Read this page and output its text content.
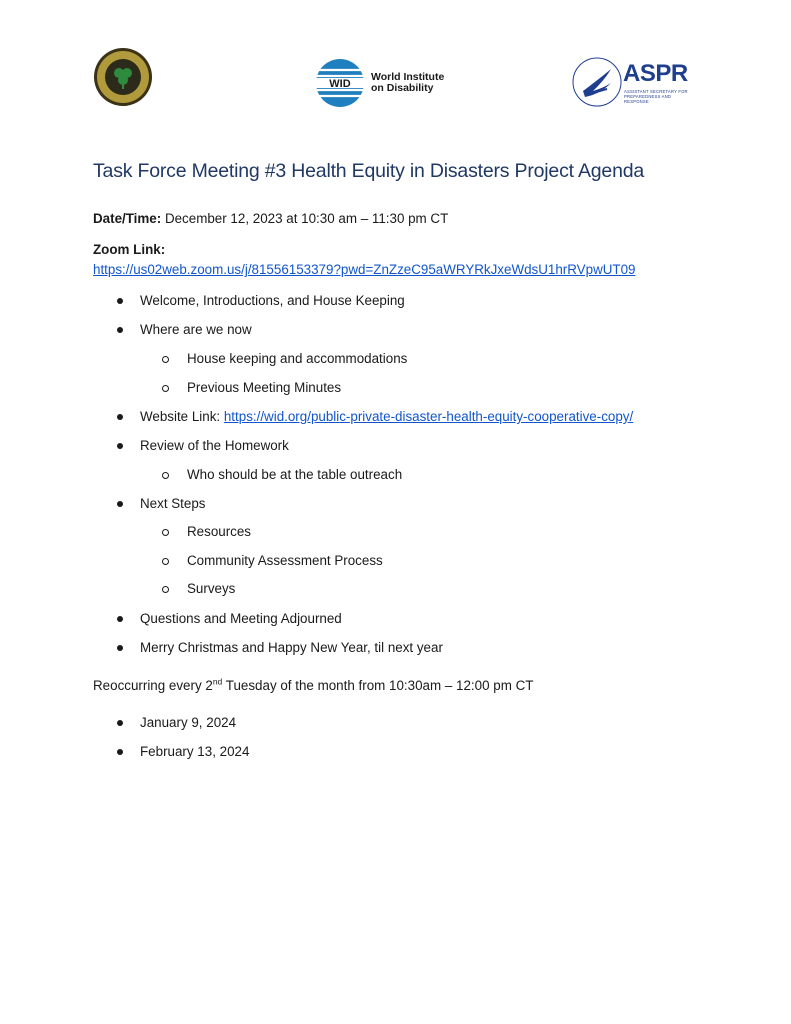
WID
World Institute
on Disability
ASPR
ASSISTANT SECRETARY FOR PREPAREDNESS AND RESPONSE
Task Force Meeting #3 Health Equity in Disasters Project Agenda
Date/Time: December 12, 2023 at 10:30 am – 11:30 pm CT
Zoom Link:
https://us02web.zoom.us/j/81556153379?pwd=ZnZzeC95aWRYRkJxeWdsU1hrRVpwUT09
Welcome, Introductions, and House Keeping
Where are we now
House keeping and accommodations
Previous Meeting Minutes
Website Link: https://wid.org/public-private-disaster-health-equity-cooperative-copy/
Review of the Homework
Who should be at the table outreach
Next Steps
Resources
Community Assessment Process
Surveys
Questions and Meeting Adjourned
Merry Christmas and Happy New Year, til next year
Reoccurring every 2nd Tuesday of the month from 10:30am – 12:00 pm CT
January 9, 2024
February 13, 2024
